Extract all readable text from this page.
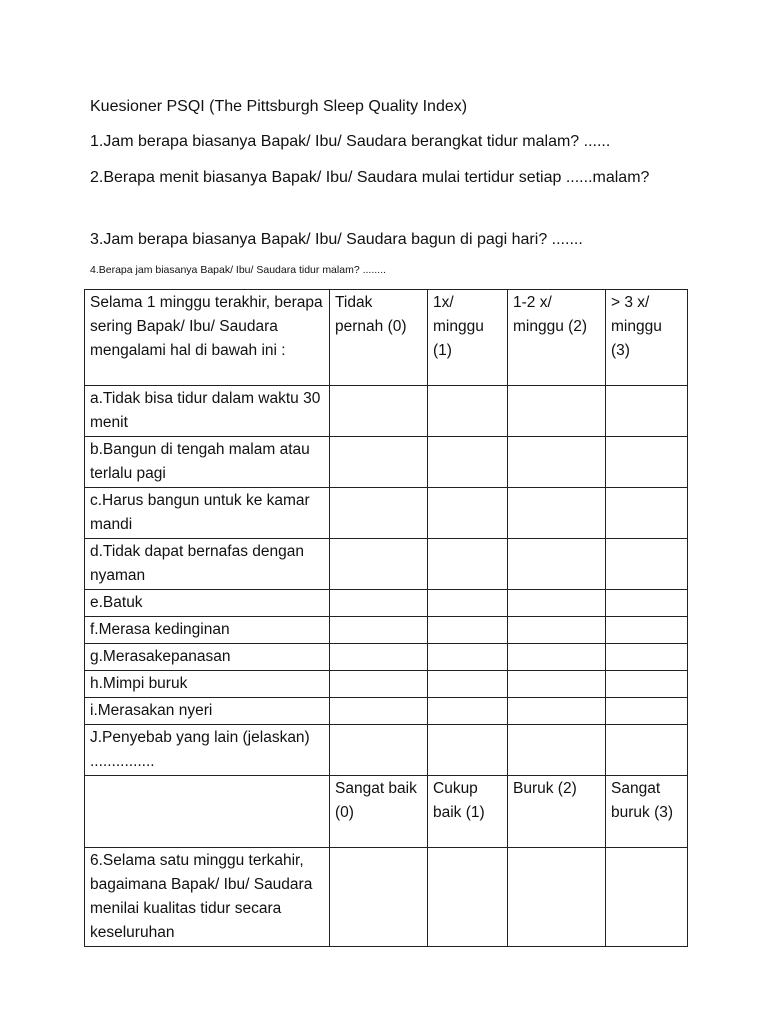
Kuesioner PSQI (The Pittsburgh Sleep Quality Index)
1.Jam berapa biasanya Bapak/ Ibu/ Saudara berangkat tidur malam? ......
2.Berapa menit biasanya Bapak/ Ibu/ Saudara mulai tertidur setiap ......malam?
3.Jam berapa biasanya Bapak/ Ibu/ Saudara bagun di pagi hari? .......
4.Berapa jam biasanya Bapak/ Ibu/ Saudara tidur malam? ........
Selama 1 minggu terakhir, berapa sering Bapak/ Ibu/ Saudara mengalami hal di bawah ini :	Tidak pernah (0)	1x/ minggu (1)	1-2 x/ minggu (2)	> 3 x/ minggu (3)
a.Tidak bisa tidur dalam waktu 30 menit				
b.Bangun di tengah malam atau terlalu pagi				
c.Harus bangun untuk ke kamar mandi				
d.Tidak dapat bernafas dengan nyaman				
e.Batuk				
f.Merasa kedinginan				
g.Merasakepanasan				
h.Mimpi buruk				
i.Merasakan nyeri				
J.Penyebab yang lain (jelaskan) ...............				
	Sangat baik (0)	Cukup baik (1)	Buruk (2)	Sangat buruk (3)
6.Selama satu minggu terkahir, bagaimana Bapak/ Ibu/ Saudara menilai kualitas tidur secara keseluruhan				
